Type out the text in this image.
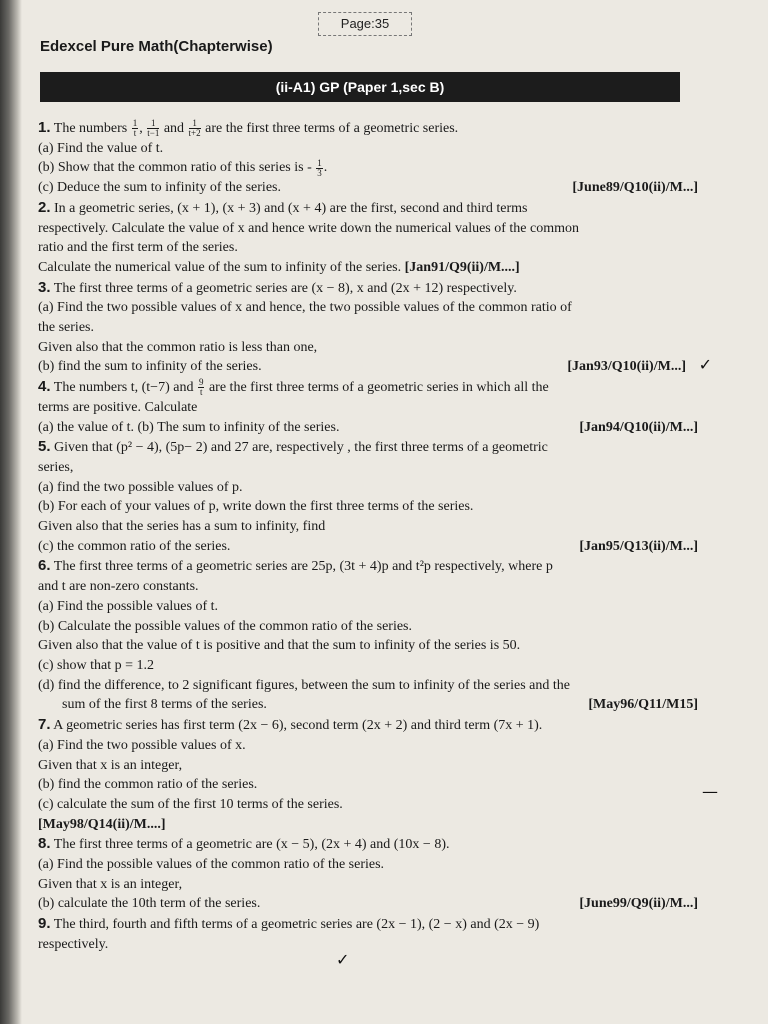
Page:35
Edexcel Pure Math(Chapterwise)
(ii-A1) GP (Paper 1,sec B)
1. The numbers $\frac{1}{t}$ , $\frac{1}{t-1}$ and $\frac{1}{t+2}$ are the first three terms of a geometric series.
(a) Find the value of t.
(b) Show that the common ratio of this series is - $\frac{1}{3}$ .
(c) Deduce the sum to infinity of the series.	[June89/Q10(ii)/M...]
2. In a geometric series, (x + 1), (x + 3) and (x + 4) are the first, second and third terms
respectively. Calculate the value of x and hence write down the numerical values of the common
ratio and the first term of the series.
Calculate the numerical value of the sum to infinity of the series. [Jan91/Q9(ii)/M....]
3. The first three terms of a geometric series are (x − 8), x and (2x + 12) respectively.
(a) Find the two possible values of x and hence, the two possible values of the common ratio of
the series.
Given also that the common ratio is less than one,
(b) find the sum to infinity of the series.	[Jan93/Q10(ii)/M...] ✓
4. The numbers t, (t−7) and $\frac{9}{t}$ are the first three terms of a geometric series in which all the
terms are positive. Calculate
(a) the value of t. (b) The sum to infinity of the series.	[Jan94/Q10(ii)/M...]
5. Given that (p² − 4), (5p− 2) and 27 are, respectively , the first three terms of a geometric
series,
(a) find the two possible values of p.
(b) For each of your values of p, write down the first three terms of the series.
Given also that the series has a sum to infinity, find
(c) the common ratio of the series.	[Jan95/Q13(ii)/M...]
6. The first three terms of a geometric series are 25p, (3t + 4)p and t²p respectively, where p
and t are non-zero constants.
(a) Find the possible values of t.
(b) Calculate the possible values of the common ratio of the series.
Given also that the value of t is positive and that the sum to infinity of the series is 50.
(c) show that p = 1.2
(d) find the difference, to 2 significant figures, between the sum to infinity of the series and the
sum of the first 8 terms of the series.	[May96/Q11/M15]
7. A geometric series has first term (2x − 6), second term (2x + 2) and third term (7x + 1).
(a) Find the two possible values of x.
Given that x is an integer,
(b) find the common ratio of the series.
(c) calculate the sum of the first 10 terms of the series.
[May98/Q14(ii)/M....]
8. The first three terms of a geometric are (x − 5), (2x + 4) and (10x − 8).
(a) Find the possible values of the common ratio of the series.
Given that x is an integer,
(b) calculate the 10th term of the series.	[June99/Q9(ii)/M...]
9. The third, fourth and fifth terms of a geometric series are (2x − 1), (2 − x) and (2x − 9)
respectively.
—
✓
